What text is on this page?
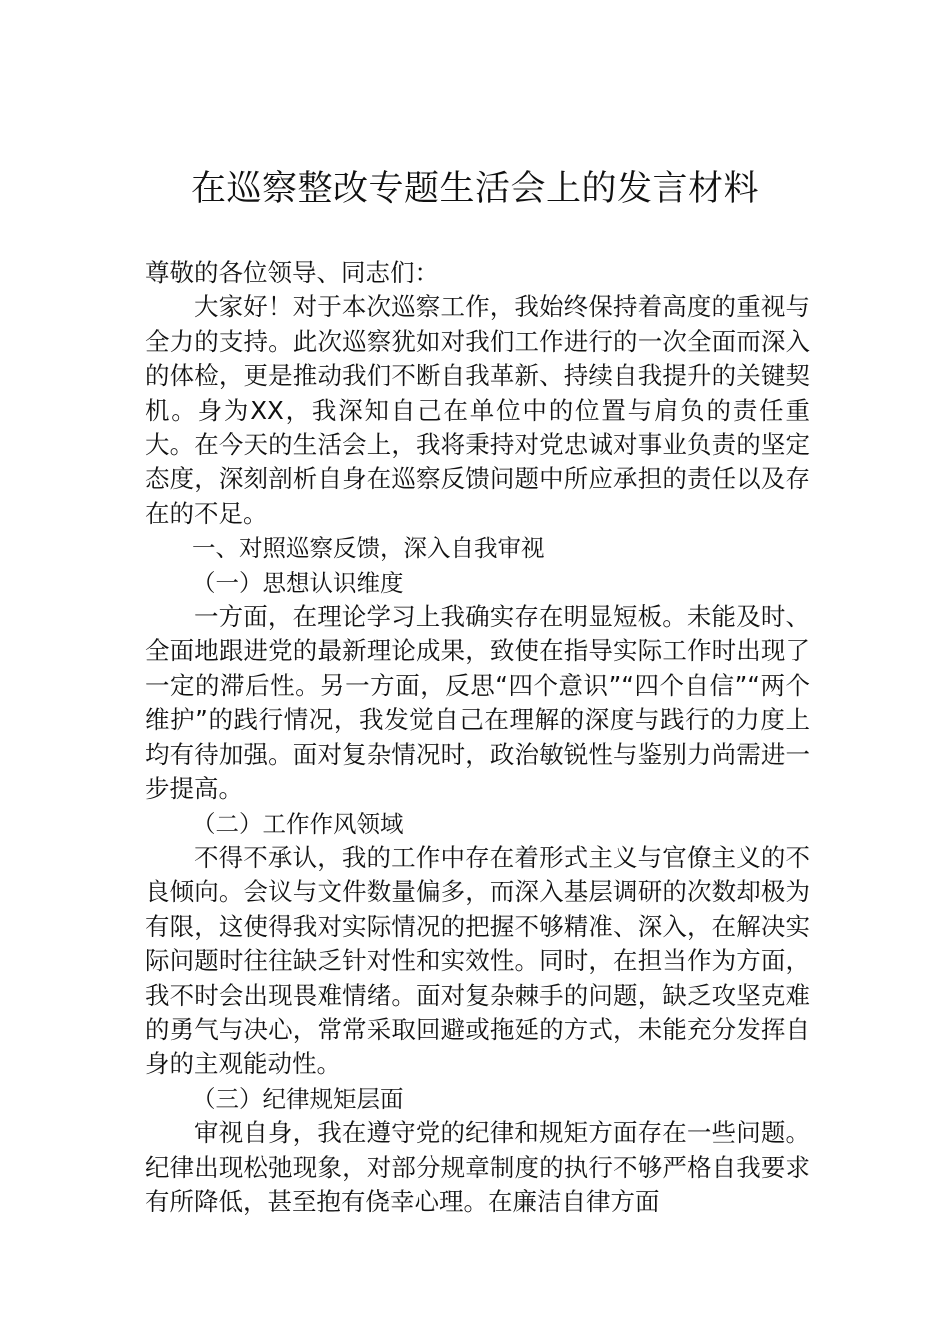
在巡察整改专题生活会上的发言材料

尊敬的各位领导、同志们：

大家好！对于本次巡察工作，我始终保持着高度的重视与全力的支持。此次巡察犹如对我们工作进行的一次全面而深入的体检，更是推动我们不断自我革新、持续自我提升的关键契机。身为XX，我深知自己在单位中的位置与肩负的责任重大。在今天的生活会上，我将秉持对党忠诚对事业负责的坚定态度，深刻剖析自身在巡察反馈问题中所应承担的责任以及存在的不足。

一、对照巡察反馈，深入自我审视

（一）思想认识维度

一方面，在理论学习上我确实存在明显短板。未能及时、全面地跟进党的最新理论成果，致使在指导实际工作时出现了一定的滞后性。另一方面，反思“四个意识”“四个自信”“两个维护”的践行情况，我发觉自己在理解的深度与践行的力度上均有待加强。面对复杂情况时，政治敏锐性与鉴别力尚需进一步提高。

（二）工作作风领域

不得不承认，我的工作中存在着形式主义与官僚主义的不良倾向。会议与文件数量偏多，而深入基层调研的次数却极为有限，这使得我对实际情况的把握不够精准、深入，在解决实际问题时往往缺乏针对性和实效性。同时，在担当作为方面，我不时会出现畏难情绪。面对复杂棘手的问题，缺乏攻坚克难的勇气与决心，常常采取回避或拖延的方式，未能充分发挥自身的主观能动性。

（三）纪律规矩层面

审视自身，我在遵守党的纪律和规矩方面存在一些问题。纪律出现松弛现象，对部分规章制度的执行不够严格自我要求有所降低，甚至抱有侥幸心理。在廉洁自律方面
